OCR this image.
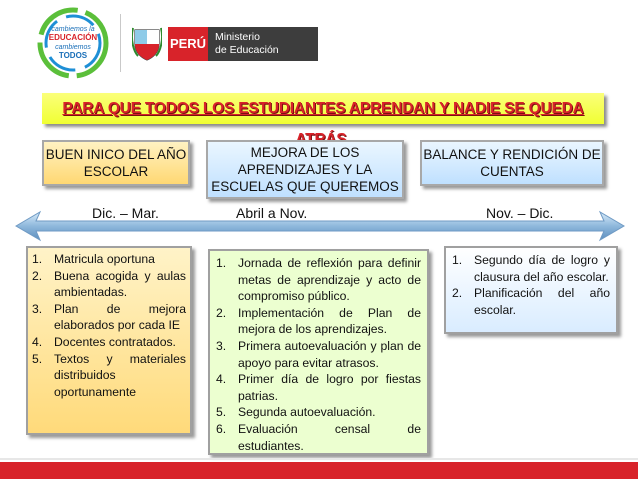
cambiemos la
EDUCACIÓN
cambiemos
TODOS
PERÚ Ministerio
de Educación
PARA QUE TODOS LOS ESTUDIANTES APRENDAN Y NADIE SE QUEDA
BUEN INICO DEL AÑO ESCOLAR
MEJORA DE LOS APRENDIZAJES Y LA ESCUELAS QUE QUEREMOS
BALANCE Y RENDICIÓN DE CUENTAS
Dic. – Mar.	Abril a Nov.	Nov. – Dic.
1. Matricula oportuna
2. Buena acogida y aulas ambientadas.
3. Plan de mejora elaborados por cada IE
4. Docentes contratados.
5. Textos y materiales distribuidos oportunamente
1. Jornada de reflexión para definir metas de aprendizaje y acto de compromiso público.
2. Implementación de Plan de mejora de los aprendizajes.
3. Primera autoevaluación y plan de apoyo para evitar atrasos.
4. Primer día de logro por fiestas patrias.
5. Segunda autoevaluación.
6. Evaluación censal de estudiantes.
1. Segundo día de logro y clausura del año escolar.
2. Planificación del año escolar.
